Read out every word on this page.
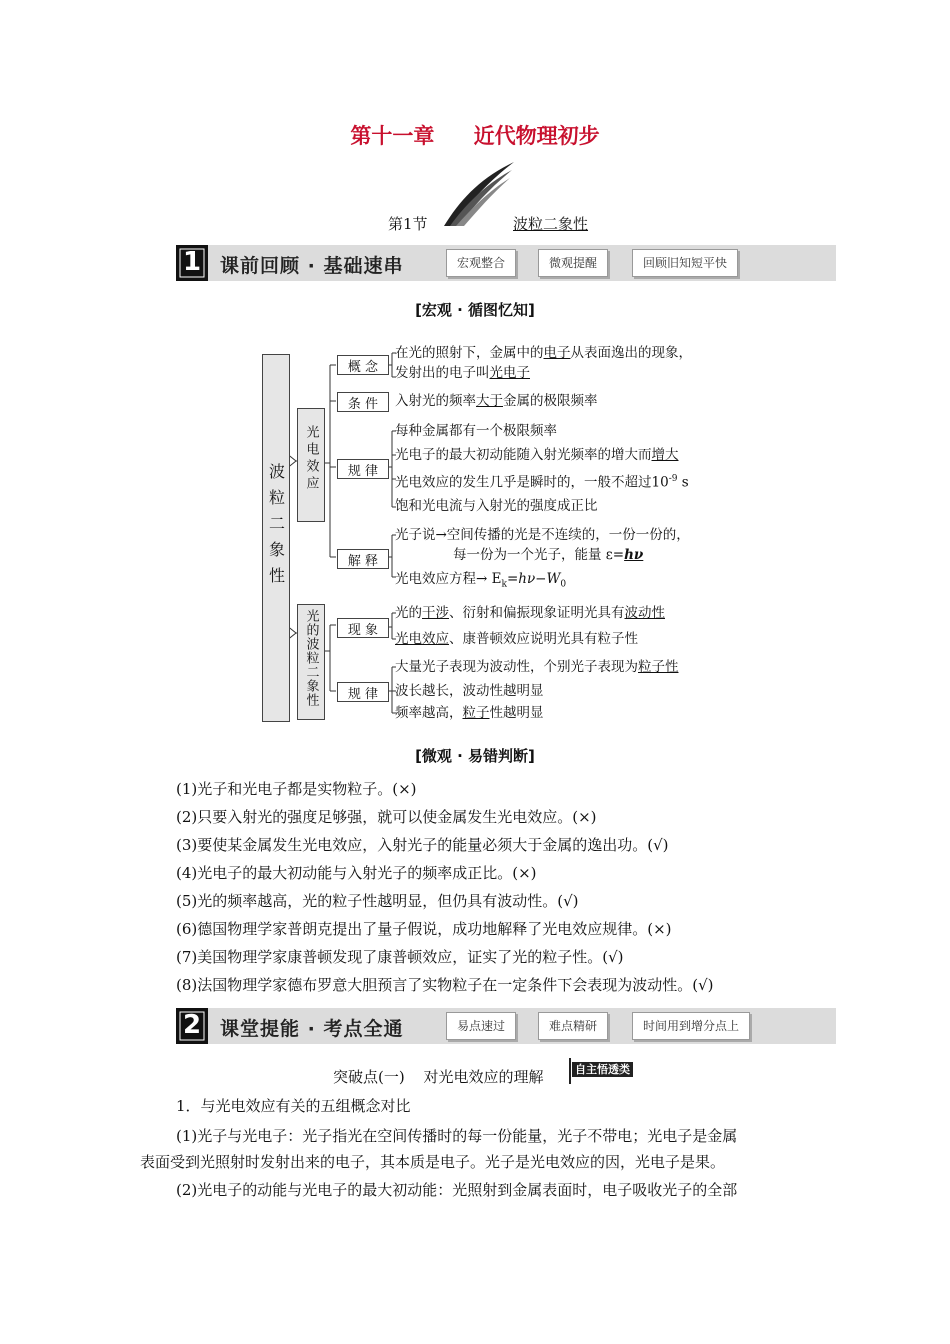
第十一章 近代物理初步
第1节	波粒二象性
1 课前回顾 · 基础速串	宏观整合	微观提醒	回顾旧知短平快
[宏观 · 循图忆知]
波粒二象性
光电效应
光的波粒二象性
概 念
条 件
规 律
解 释
现 象
规 律
在光的照射下，金属中的电子从表面逸出的现象，
发射出的电子叫光电子
入射光的频率大于金属的极限频率
每种金属都有一个极限频率
光电子的最大初动能随入射光频率的增大而增大
光电效应的发生几乎是瞬时的，一般不超过$10^{-9}$ s
饱和光电流与入射光的强度成正比
光子说→空间传播的光是不连续的，一份一份的，
每一份为一个光子，能量 ε=hν
光电效应方程→ $E_k=h\nu-W_0$
光的干涉、衍射和偏振现象证明光具有波动性
光电效应、康普顿效应说明光具有粒子性
大量光子表现为波动性，个别光子表现为粒子性
波长越长，波动性越明显
频率越高，粒子性越明显
[微观 · 易错判断]
(1)光子和光电子都是实物粒子。(×)
(2)只要入射光的强度足够强，就可以使金属发生光电效应。(×)
(3)要使某金属发生光电效应，入射光子的能量必须大于金属的逸出功。(√)
(4)光电子的最大初动能与入射光子的频率成正比。(×)
(5)光的频率越高，光的粒子性越明显，但仍具有波动性。(√)
(6)德国物理学家普朗克提出了量子假说，成功地解释了光电效应规律。(×)
(7)美国物理学家康普顿发现了康普顿效应，证实了光的粒子性。(√)
(8)法国物理学家德布罗意大胆预言了实物粒子在一定条件下会表现为波动性。(√)
2 课堂提能 · 考点全通	易点速过	难点精研	时间用到增分点上
突破点(一) 对光电效应的理解	自主悟透类
1．与光电效应有关的五组概念对比
(1)光子与光电子：光子指光在空间传播时的每一份能量，光子不带电；光电子是金属
表面受到光照射时发射出来的电子，其本质是电子。光子是光电效应的因，光电子是果。
(2)光电子的动能与光电子的最大初动能：光照射到金属表面时，电子吸收光子的全部
